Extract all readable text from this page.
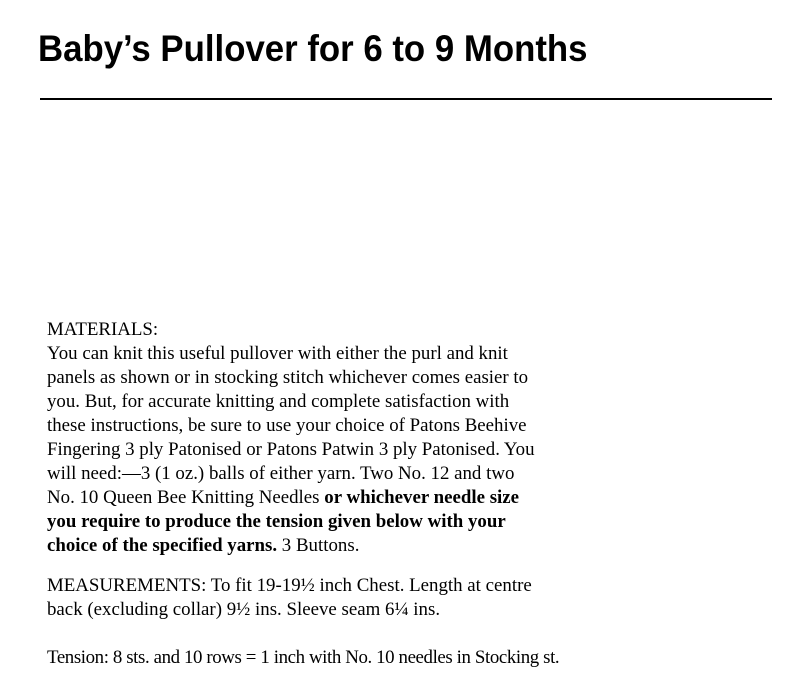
Baby’s Pullover for 6 to 9 Months
MATERIALS:
You can knit this useful pullover with either the purl and knit
panels as shown or in stocking stitch whichever comes easier to
you. But, for accurate knitting and complete satisfaction with
these instructions, be sure to use your choice of Patons Beehive
Fingering 3 ply Patonised or Patons Patwin 3 ply Patonised. You
will need:—3 (1 oz.) balls of either yarn. Two No. 12 and two
No. 10 Queen Bee Knitting Needles or whichever needle size
you require to produce the tension given below with your
choice of the specified yarns. 3 Buttons.
MEASUREMENTS: To fit 19-19½ inch Chest. Length at centre
back (excluding collar) 9½ ins. Sleeve seam 6¼ ins.
Tension: 8 sts. and 10 rows = 1 inch with No. 10 needles in Stocking st.
